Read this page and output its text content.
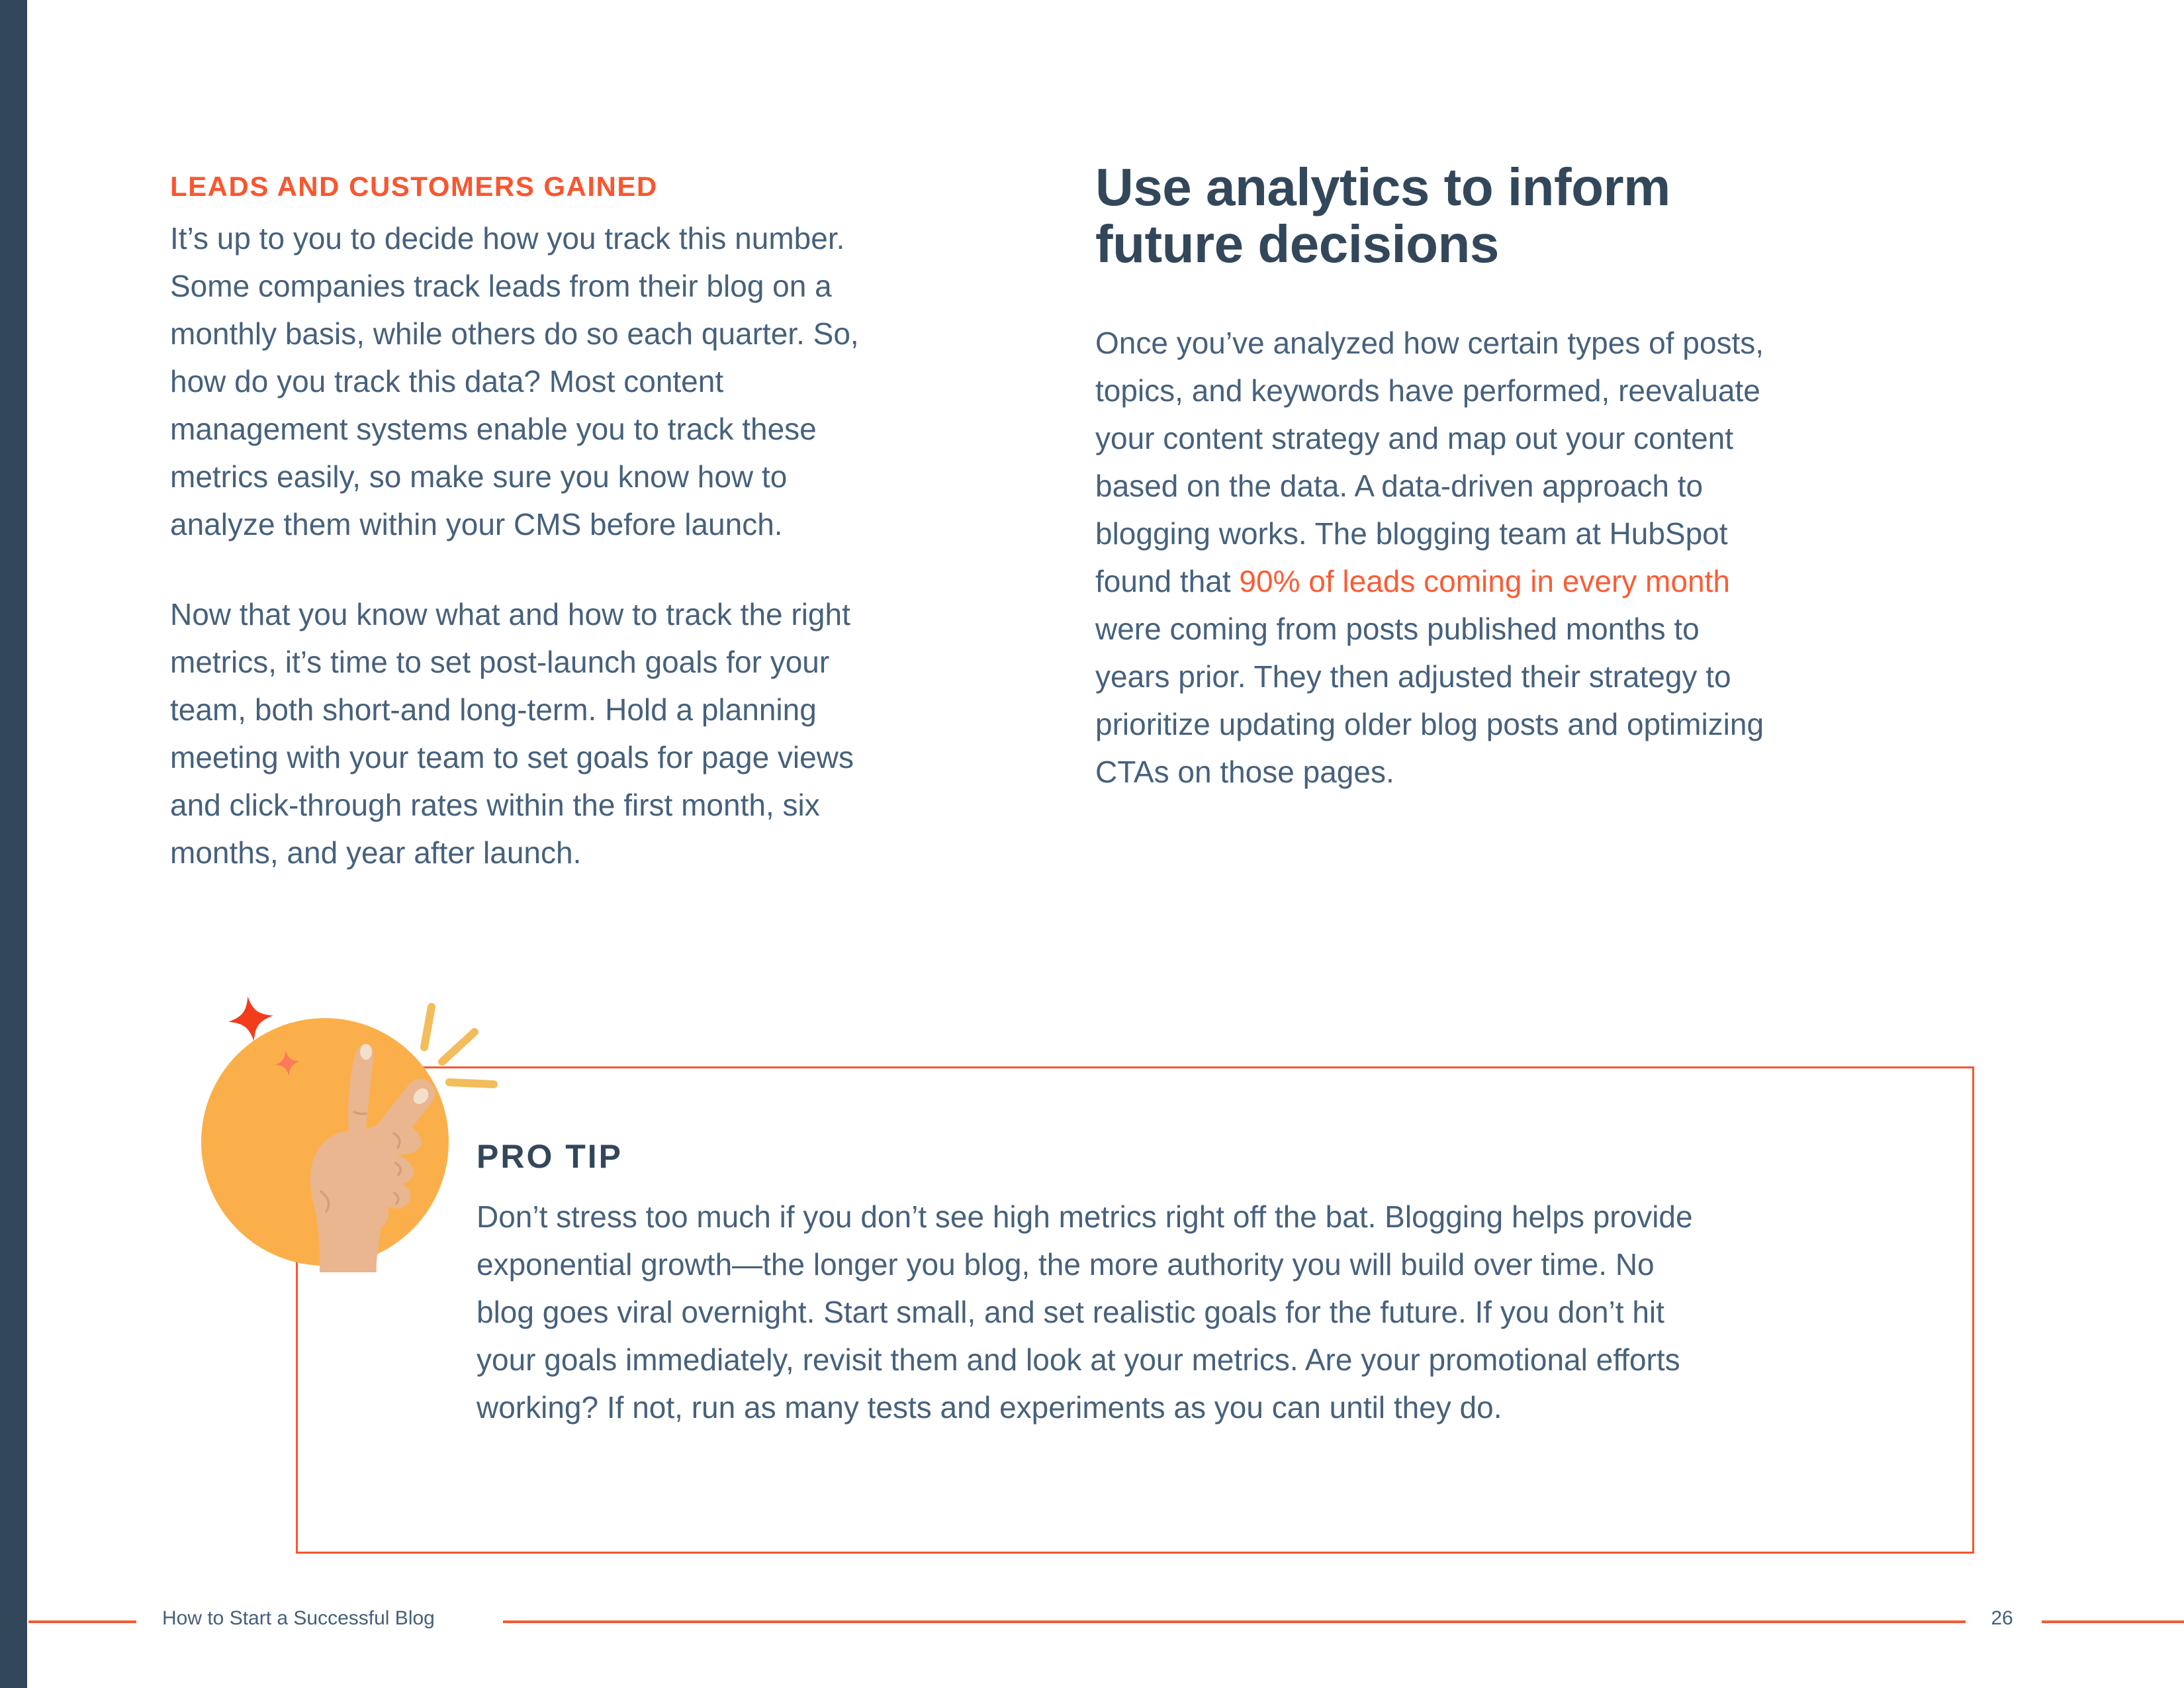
LEADS AND CUSTOMERS GAINED

It’s up to you to decide how you track this number. Some companies track leads from their blog on a monthly basis, while others do so each quarter. So, how do you track this data? Most content management systems enable you to track these metrics easily, so make sure you know how to analyze them within your CMS before launch.

Now that you know what and how to track the right metrics, it’s time to set post-launch goals for your team, both short-and long-term. Hold a planning meeting with your team to set goals for page views and click-through rates within the first month, six months, and year after launch.

Use analytics to inform future decisions

Once you’ve analyzed how certain types of posts, topics, and keywords have performed, reevaluate your content strategy and map out your content based on the data. A data-driven approach to blogging works. The blogging team at HubSpot found that 90% of leads coming in every month were coming from posts published months to years prior. They then adjusted their strategy to prioritize updating older blog posts and optimizing CTAs on those pages.

PRO TIP

Don’t stress too much if you don’t see high metrics right off the bat. Blogging helps provide exponential growth—the longer you blog, the more authority you will build over time. No blog goes viral overnight. Start small, and set realistic goals for the future. If you don’t hit your goals immediately, revisit them and look at your metrics. Are your promotional efforts working? If not, run as many tests and experiments as you can until they do.

How to Start a Successful Blog	26
